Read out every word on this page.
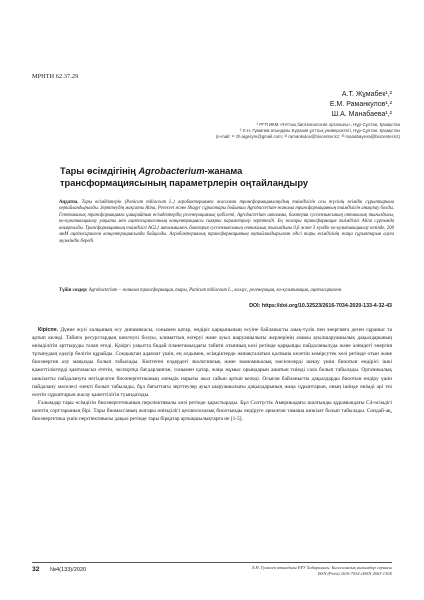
МРНТИ 62.37.29
А.Т. Жұмабек¹,²
Е.М. Раманкулов¹,²
Ш.А. Манабаева¹,²
¹ РГП ИКМ «Ұлттық биотехнология орталығы», Нұр-Сұлтан, Қазақстан
² Л.Н. Гумилев атындағы Еуразия ұлттық университеті, Нұр-Сұлтан, Қазақстан
(e-mail: ¹¹ zh.aigerym@gmail.com; ²² ramankulov@biocenter.kz; ³³ manabayeva@biocenter.kz)
Тары өсімдігінің Agrobacterium-жанама
трансформациясының параметрлерін оңтайландыру
Аңдатпа. Тары өсімдіктерін (Panicum miliaceum L.) агробактериямен жасалған трансформацияланудың тиімділігін осы түсінің өсімдік сұрыптарына оңтайландырылды. Зерттеудің мақсаты Alina, Peresvet және Shagyr сұрыптары бойынша Agrobacterium-жанама трансформацияның тиімділігін анықтау болды. Генетикалық трансформацияға ұшырайтын өсімдіктердің регенерациялық қабілеті, Agrobacterium штаммы, бактерия суспензиясының оптикалық тығыздығы, ко-культивациялау уақыты мен ацетосирингонның концентрациясы сияқты параметрлер зерттелді. Ең жоғары трансформация тиімділігі Alina сұрпында анықталды. Трансформацияның тиімділігі AGL1 штаммымен, бактерия суспензиясының оптикалық тығыздығы 0,6 және 3 күндік ко-культивациялау кезінде, 200 мкМ ацетосирингон концентрациясында байқалды. Агробактериялық трансформацияның оңтайландырылған әдісі тары өсімдігінің жаңа сұрыптарын алуға мүмкіндік береді.
Түйін сөздер: Agrobacterium – жанама трансформация, тары, Panicum miliaceum L., каллус, регенерация, ко-культивация, ацетосирингон.
DOI: https://doi.org/10.32523/2616-7034-2020-133-4-32-43

Кіріспе. Дүние жүзі халқының өсу динамикасы, сонымен қатар, өндіріс қарқынының өсуіне байланысты азық-түлік пен энергияға деген сұраныс та артып келеді. Табиғи ресурстардың шектеулі болуы, климаттың өзгеруі және ауыл шаруашылығы жерлерінің азаюы ауылшаруашылық дақылдарының өнімділігін арттыруды талап етеді. Қазіргі уақытта бидай планетамыздағы табиғи отынның көзі ретінде қарқынды пайдаланылуда және әлемдегі энергия тұтынудың едәуір бөлігін құрайды. Сондықтан адамзат үшін, ең алдымен, өсімдіктерде жинақталатын қалпына келетін көмірсутек көзі ретінде отын және биоэнергия алу маңызды болып табылады. Көптеген елдердегі экологиялық және экономикалық мәселелерді шешу үшін биоотын өндірісі ішкі қажеттіліктерді қамтамасыз ететін, экспортқа бағдарланған, сонымен қатар, жаңа жұмыс орындарын ашатын тиімді сала болып табылады. Органикалық шикізатты пайдалануға негізделген биоэнергетиканың әлемдік нарығы жыл сайын артып келеді. Осыған байланысты дақылдарды биоотын өндіру үшін пайдалану мәселесі өзекті болып табылады, бұл бағыттағы зерттеулер ауыл шаруашылығы дақылдарының жаңа сұрыптарын, оның ішінде өнімді әрі тез өсетін сұрыптарын жасау қажеттілігін туындатады.

Ғалымдар тары өсімдігін биоэнергетиканың перспективалы көзі ретінде қарастырады. Бұл Солтүстік Америкадағы шалғынды құрамындағы С4-өсімдігі шөптің сорттарының бірі. Тары биомассаның жоғары өнімділігі целлюлозалық биоотынды өндіруге арналған тамаша шикізат болып табылады. Сондай-ақ, биоэнергетика үшін перспективалы дақыл ретінде тары бірқатар артықшылықтарға ие [1-5].

32 №4(133)/2020	Л.Н. Гумилев атындағы ЕҰУ Хабаршысы. Биологиялық ғылымдар сериясы
ISSN (Print) 2616-7034 eISSN 2663-130X
